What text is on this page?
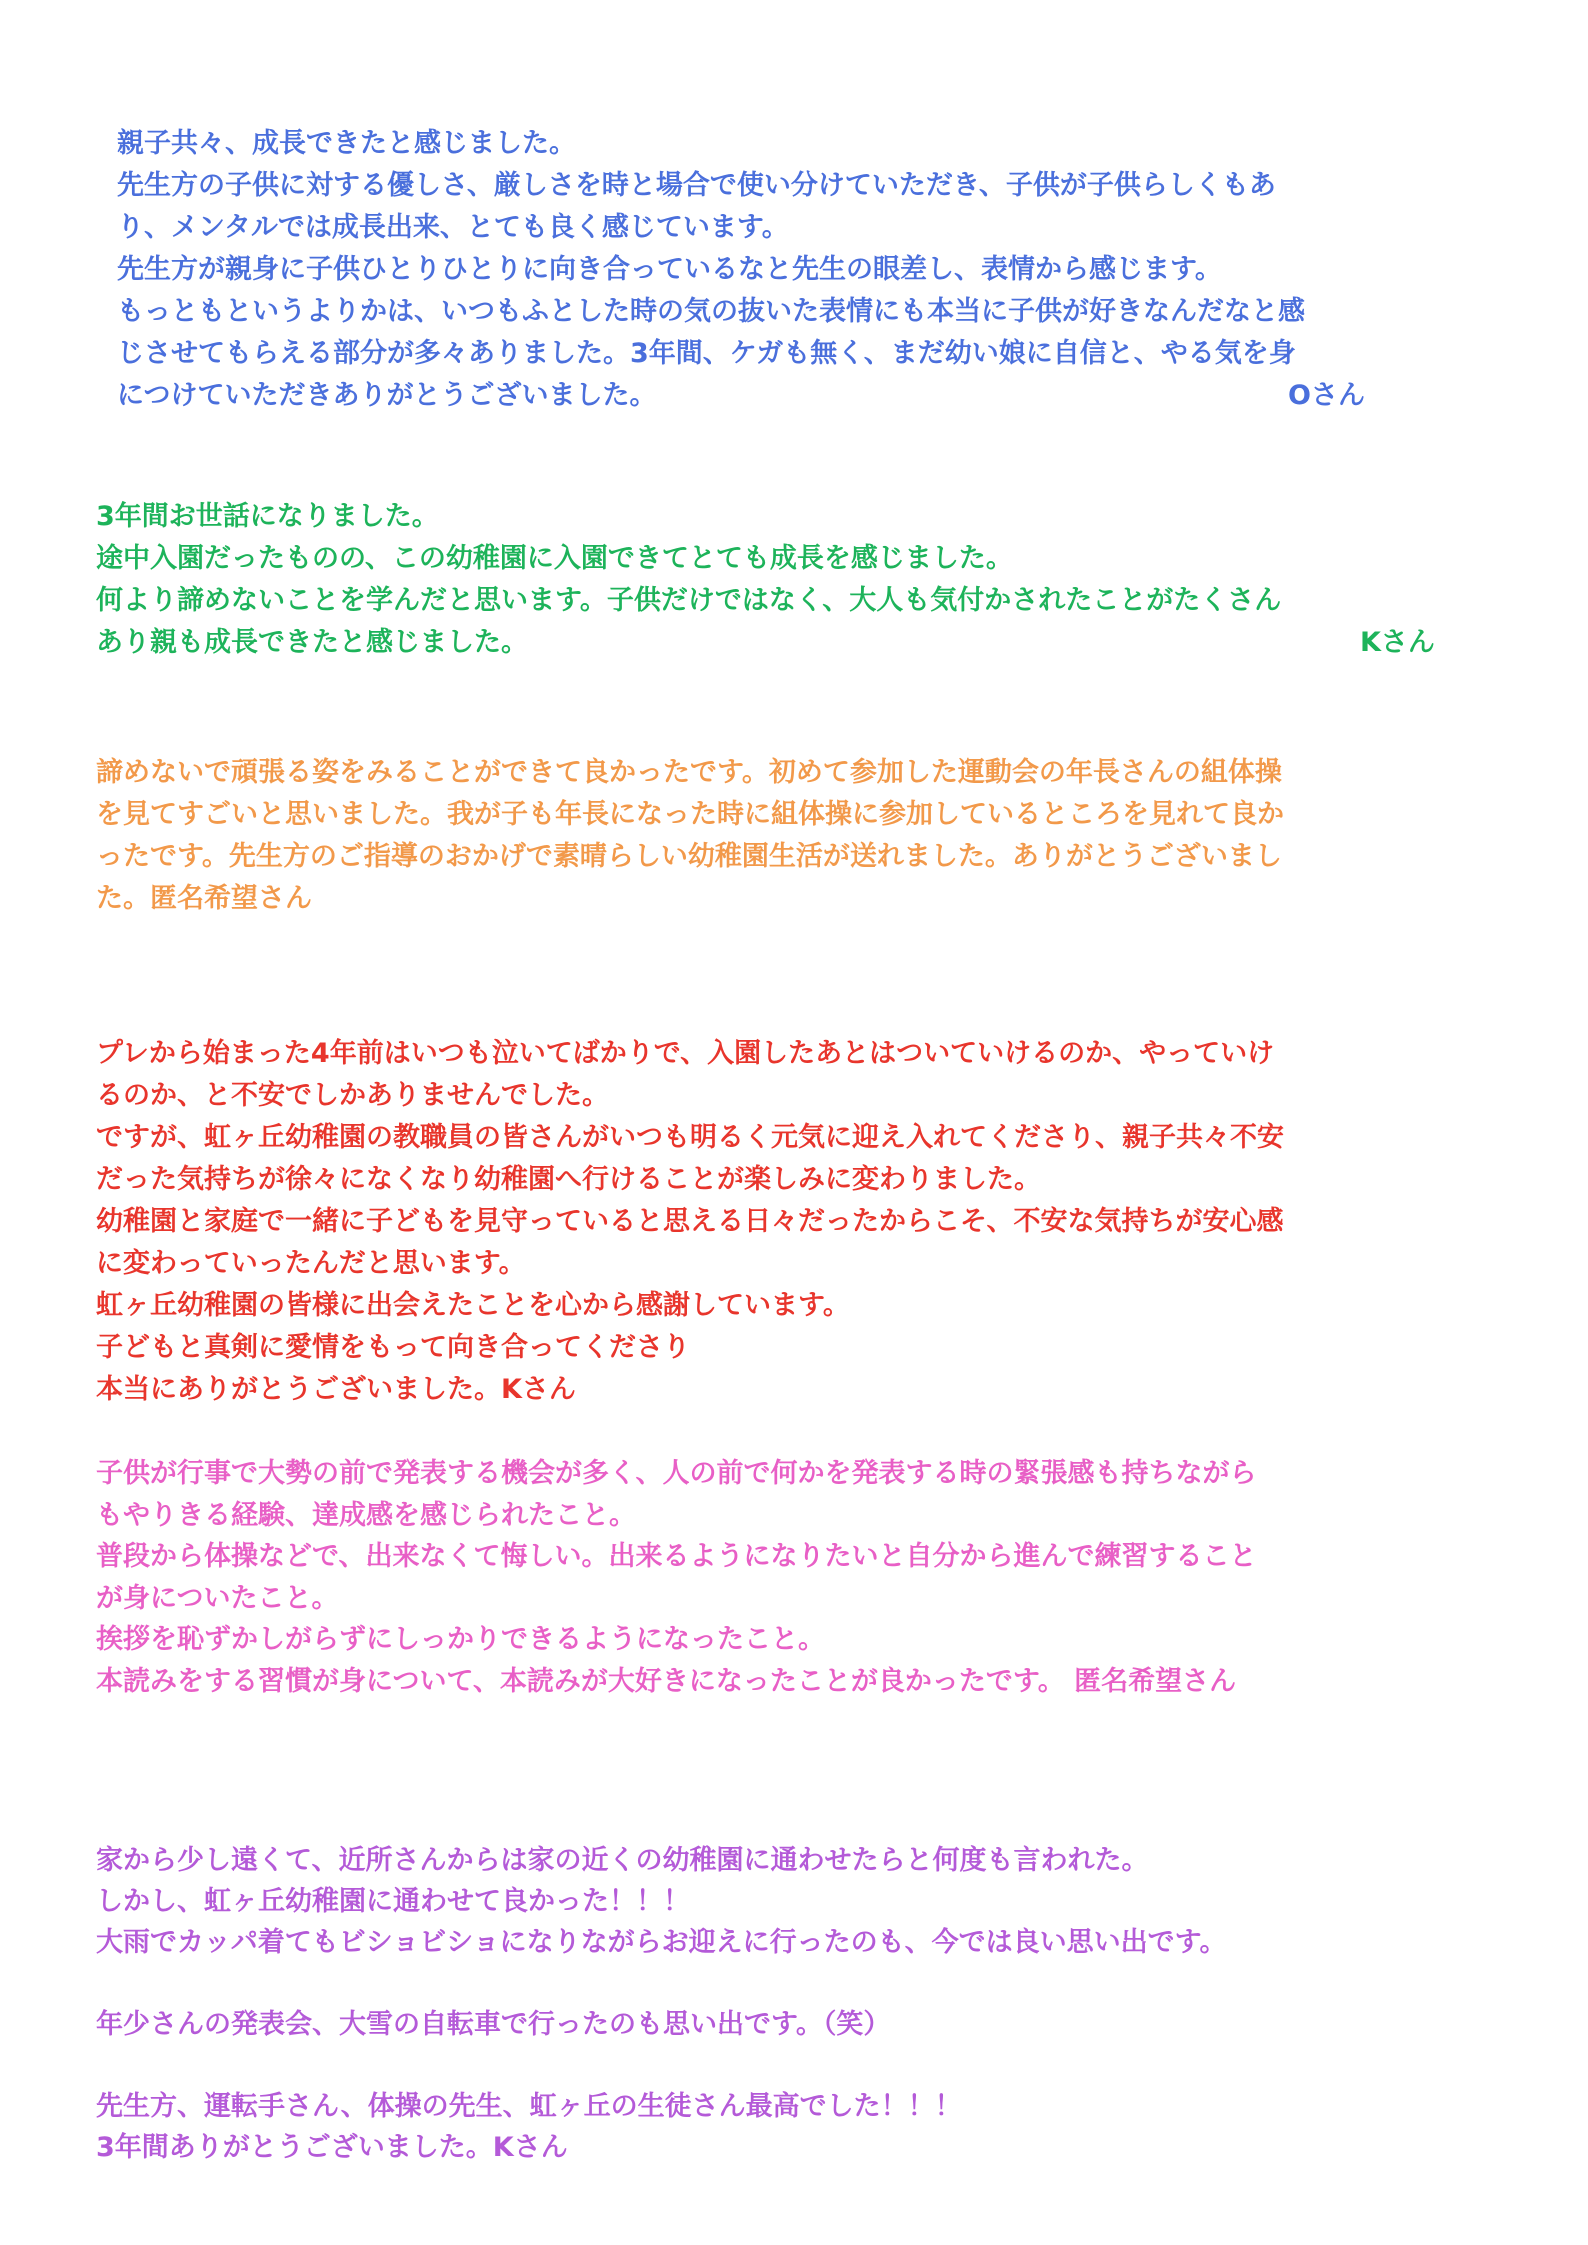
親子共々、成長できたと感じました。
先生方の子供に対する優しさ、厳しさを時と場合で使い分けていただき、子供が子供らしくもあ
り、メンタルでは成長出来、とても良く感じています。
先生方が親身に子供ひとりひとりに向き合っているなと先生の眼差し、表情から感じます。
もっともというよりかは、いつもふとした時の気の抜いた表情にも本当に子供が好きなんだなと感
じさせてもらえる部分が多々ありました。3年間、ケガも無く、まだ幼い娘に自信と、やる気を身
につけていただきありがとうございました。	Oさん
3年間お世話になりました。
途中入園だったものの、この幼稚園に入園できてとても成長を感じました。
何より諦めないことを学んだと思います。子供だけではなく、大人も気付かされたことがたくさん
あり親も成長できたと感じました。	Kさん
諦めないで頑張る姿をみることができて良かったです。初めて参加した運動会の年長さんの組体操
を見てすごいと思いました。我が子も年長になった時に組体操に参加しているところを見れて良か
ったです。先生方のご指導のおかげで素晴らしい幼稚園生活が送れました。ありがとうございまし
た。匿名希望さん
プレから始まった4年前はいつも泣いてばかりで、入園したあとはついていけるのか、やっていけ
るのか、と不安でしかありませんでした。
ですが、虹ヶ丘幼稚園の教職員の皆さんがいつも明るく元気に迎え入れてくださり、親子共々不安
だった気持ちが徐々になくなり幼稚園へ行けることが楽しみに変わりました。
幼稚園と家庭で一緒に子どもを見守っていると思える日々だったからこそ、不安な気持ちが安心感
に変わっていったんだと思います。
虹ヶ丘幼稚園の皆様に出会えたことを心から感謝しています。
子どもと真剣に愛情をもって向き合ってくださり
本当にありがとうございました。Kさん
子供が行事で大勢の前で発表する機会が多く、人の前で何かを発表する時の緊張感も持ちながら
もやりきる経験、達成感を感じられたこと。
普段から体操などで、出来なくて悔しい。出来るようになりたいと自分から進んで練習すること
が身についたこと。
挨拶を恥ずかしがらずにしっかりできるようになったこと。
本読みをする習慣が身について、本読みが大好きになったことが良かったです。 匿名希望さん
家から少し遠くて、近所さんからは家の近くの幼稚園に通わせたらと何度も言われた。
しかし、虹ヶ丘幼稚園に通わせて良かった！！！
大雨でカッパ着てもビショビショになりながらお迎えに行ったのも、今では良い思い出です。
年少さんの発表会、大雪の自転車で行ったのも思い出です。（笑）
先生方、運転手さん、体操の先生、虹ヶ丘の生徒さん最高でした！！！
3年間ありがとうございました。Kさん
